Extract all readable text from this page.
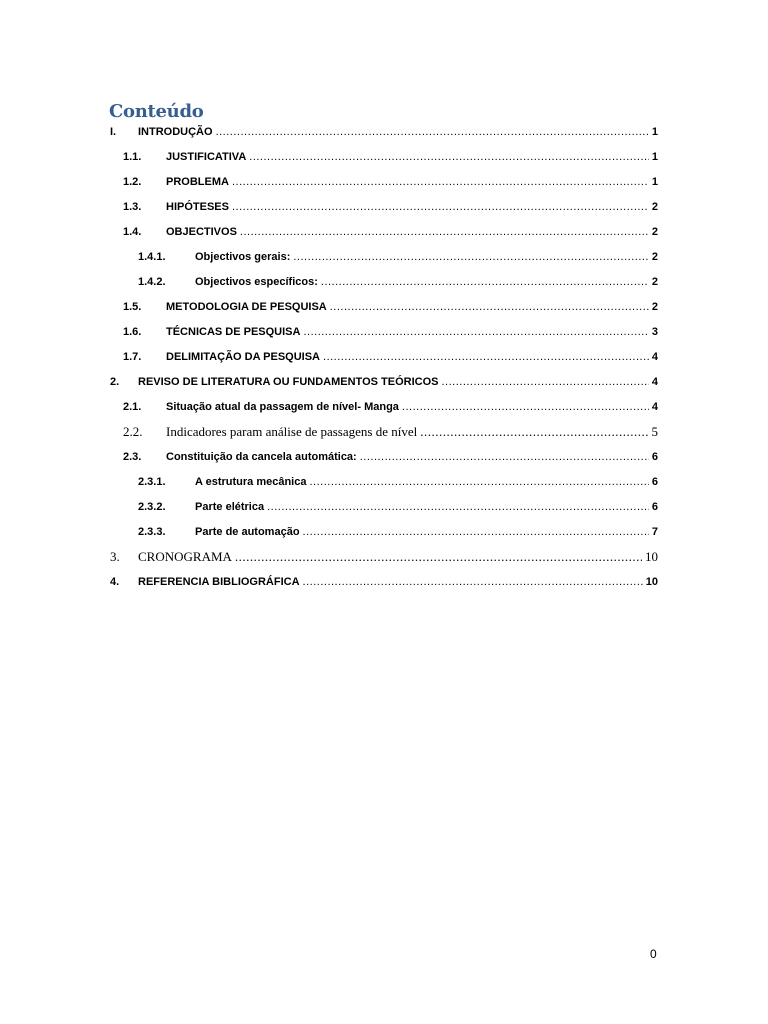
Conteúdo
I. INTRODUÇÃO .....	1
1.1. JUSTIFICATIVA .....	1
1.2. PROBLEMA .....	1
1.3. HIPÓTESES .....	2
1.4. OBJECTIVOS .....	2
1.4.1.	Objectivos gerais: .....	2
1.4.2.	Objectivos específicos: .....	2
1.5. METODOLOGIA DE PESQUISA .....	2
1.6. TÉCNICAS DE PESQUISA .....	3
1.7. DELIMITAÇÃO DA PESQUISA .....	4
2. REVISO DE LITERATURA OU FUNDAMENTOS TEÓRICOS .....	4
2.1. Situação atual da passagem de nível- Manga .....	4
2.2. Indicadores param análise de passagens de nível .....	5
2.3. Constituição da cancela automática: .....	6
2.3.1.	A estrutura mecânica .....	6
2.3.2.	Parte elétrica .....	6
2.3.3.	Parte de automação .....	7
3. CRONOGRAMA .....	10
4. REFERENCIA BIBLIOGRÁFICA .....	10
0
